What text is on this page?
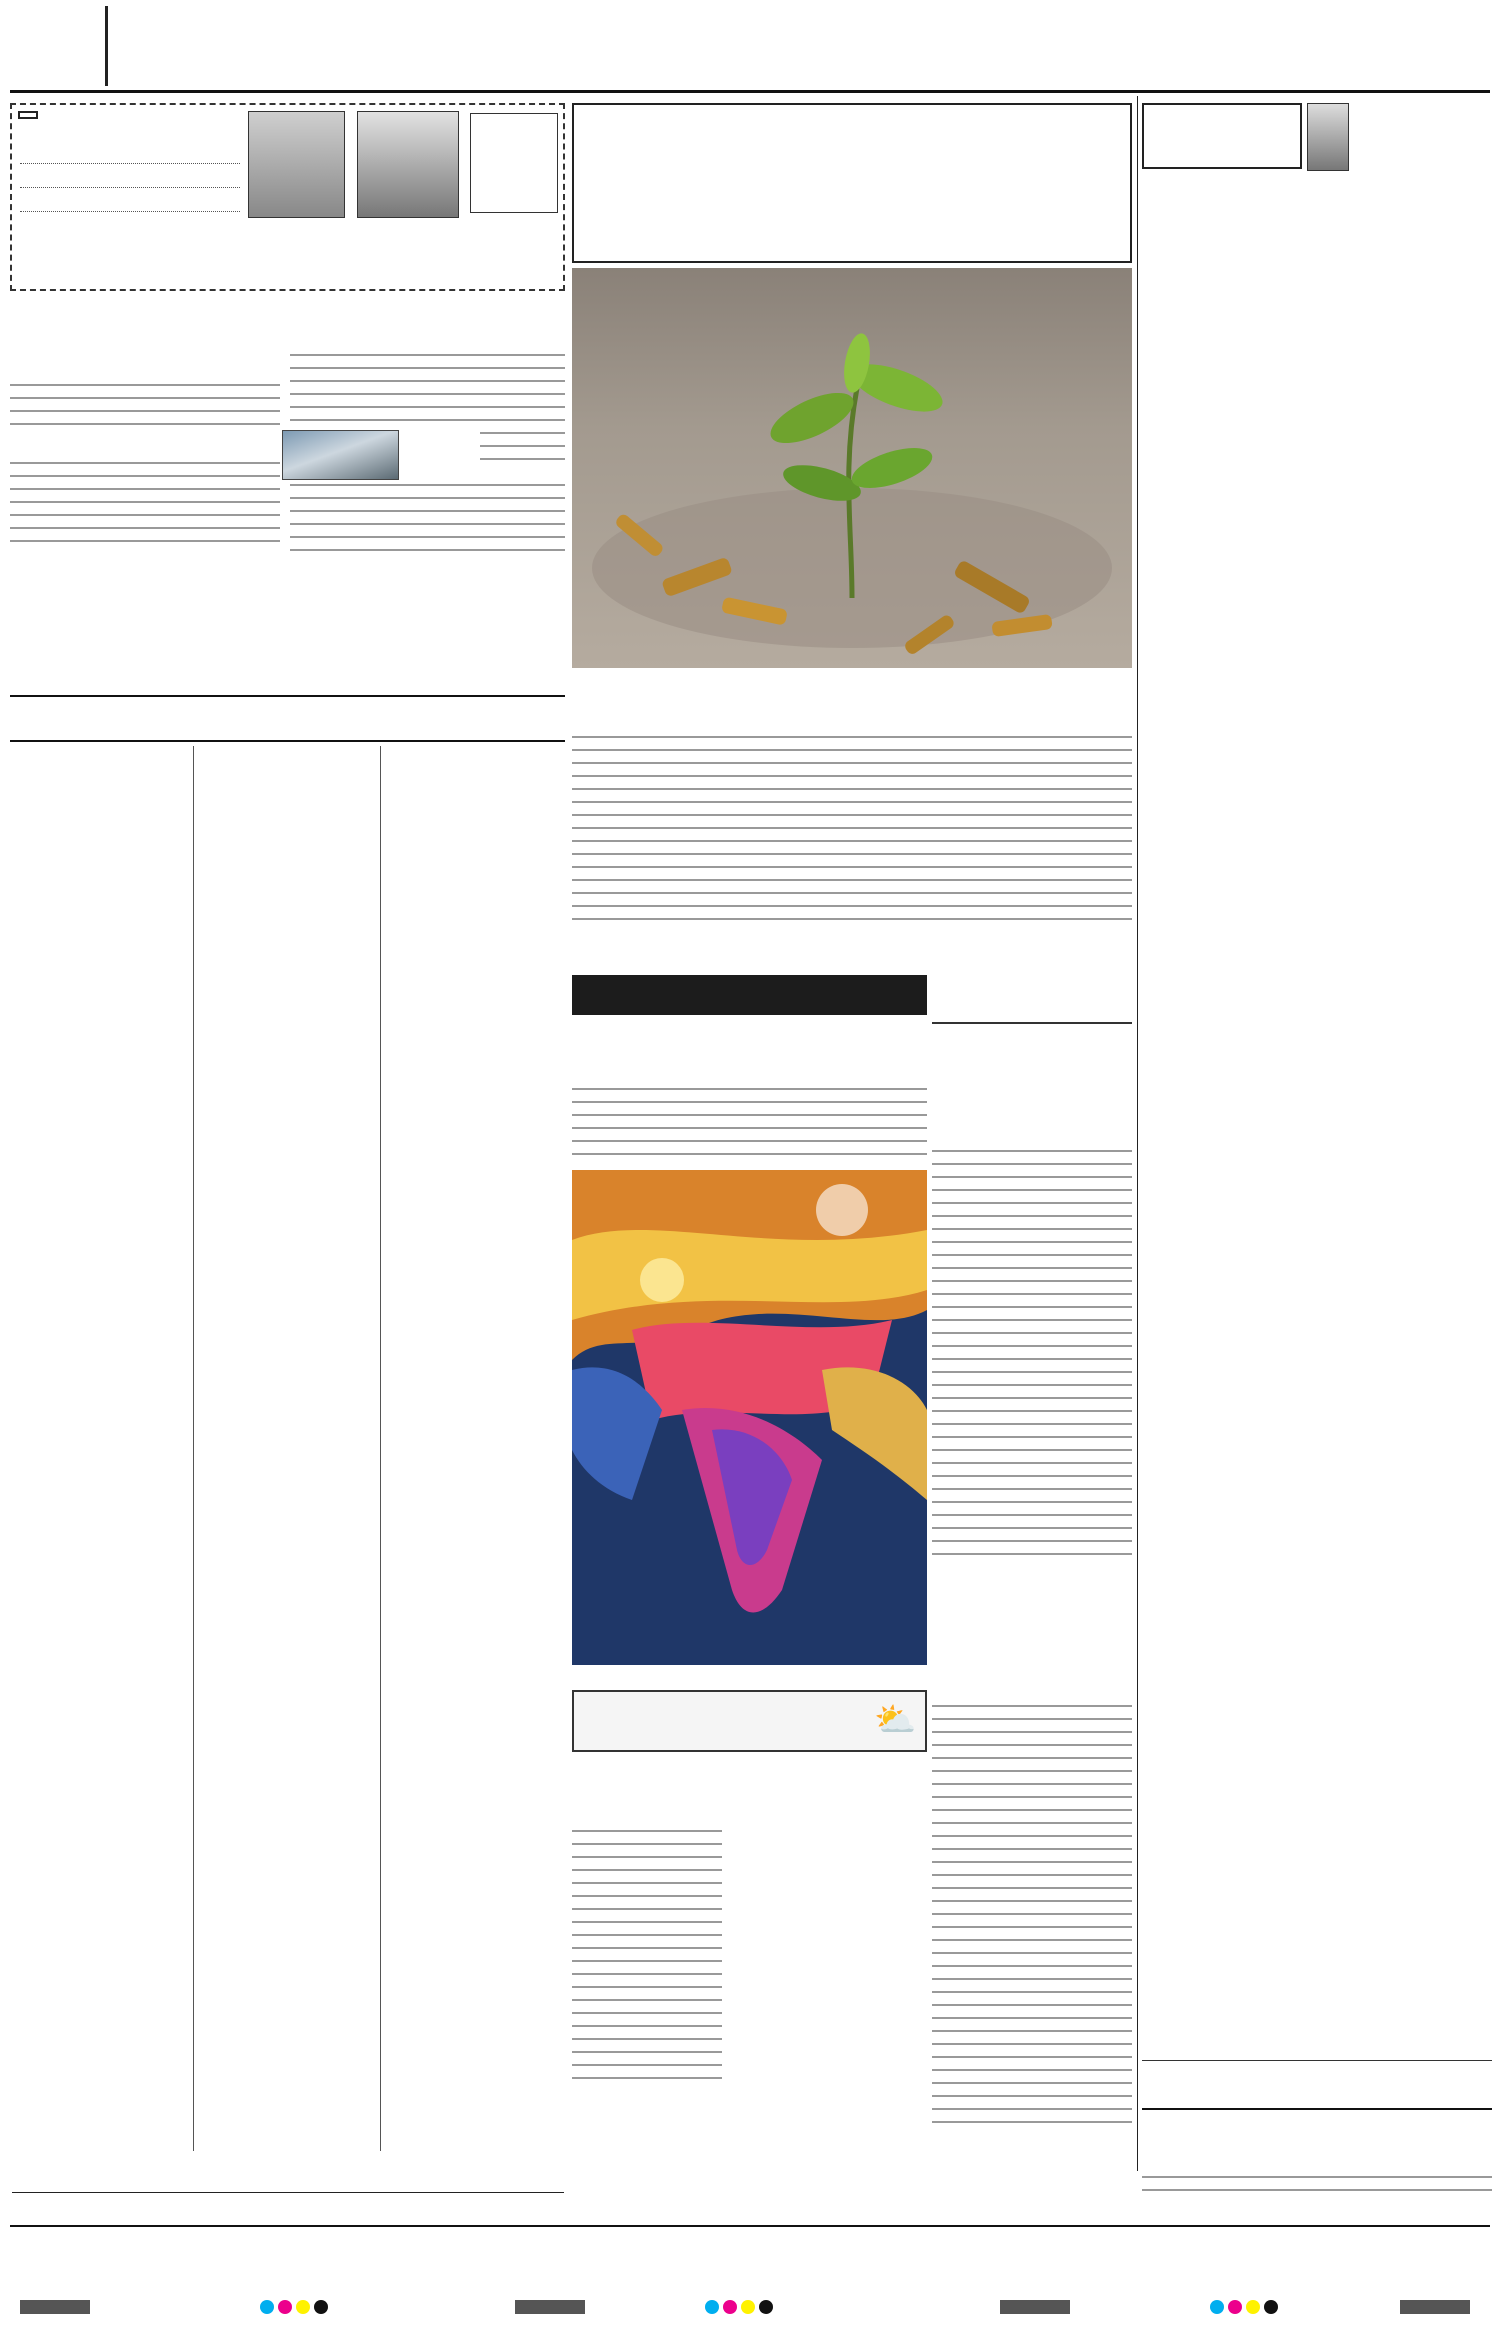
⛅
